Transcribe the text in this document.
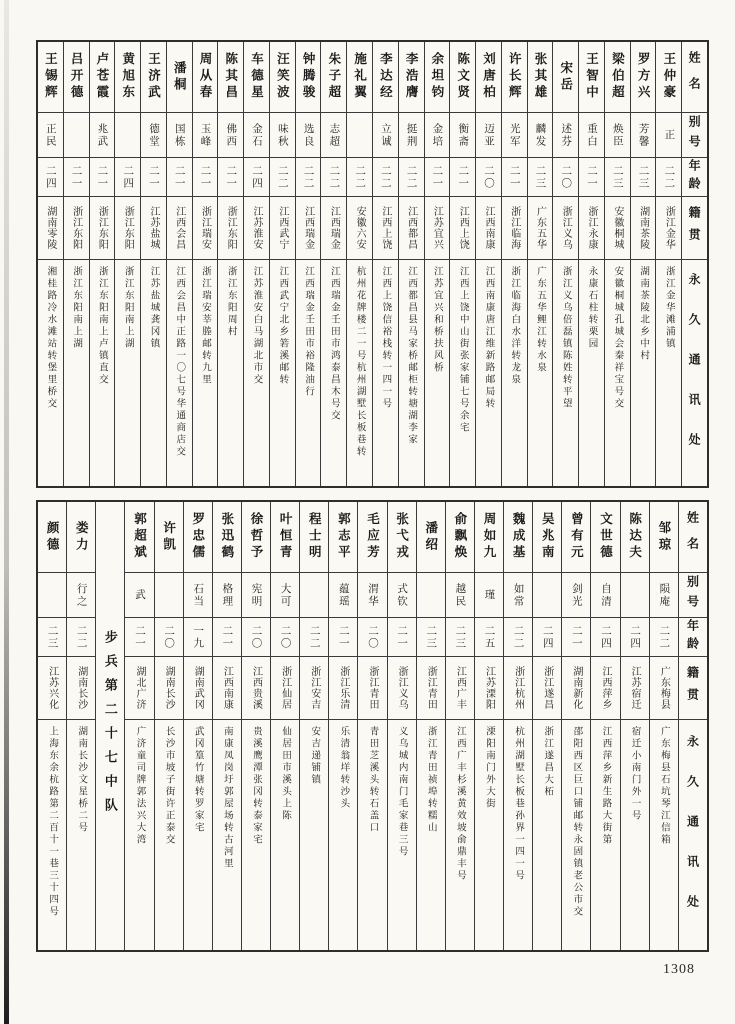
姓名
别号
年龄
籍贯
永久通讯处
王仲豪
正
二二
浙江金华
浙江金华滩浦镇
罗方兴
芳馨
二三
湖南茶陵
湖南茶陵北乡中村
梁伯超
焕臣
二三
安徽桐城
安徽桐城孔城会秦祥宝号交
王智中
重白
二一
浙江永康
永康石柱转栗园
宋岳
述芬
二〇
浙江义乌
浙江义乌倍磊镇陈姓转平望
张其雄
麟发
二三
广东五华
广东五华鲤江转水泉
许长辉
光军
二一
浙江临海
浙江临海白水洋转龙泉
刘唐柏
迈亚
二〇
江西南康
江西南康唐江维新路邮局转
陈文贤
衡斋
二一
江西上饶
江西上饶中山街张家铺七号余宅
余坦钧
金培
二一
江苏宜兴
江苏宜兴和桥扶风桥
李浩膺
挺荆
二二
江西都昌
江西都昌县马家桥邮柜转塘湖李家
李达经
立诚
二二
江西上饶
江西上饶信裕栈转一四一号
施礼翼
二二
安徽六安
杭州花牌楼二一号杭州湖墅长板巷转
朱子超
志超
二二
江西瑞金
江西瑞金壬田市鸿泰昌木号交
钟腾骏
选良
二二
江西瑞金
江西瑞金壬田市裕隆油行
汪笑波
味秋
二二
江西武宁
江西武宁北乡箬溪邮转
车德星
金石
二四
江苏淮安
江苏淮安白马湖北市交
陈其昌
佛西
二一
浙江东阳
浙江东阳周村
周从春
玉峰
二一
浙江瑞安
浙江瑞安莘塍邮转九里
潘桐
国栋
二一
江西会昌
江西会昌中正路一〇七号华通商店交
王济武
德堂
二一
江苏盐城
江苏盐城龚冈镇
黄旭东
二四
浙江东阳
浙江东阳南上湖
卢苍霞
兆武
二一
浙江东阳
浙江东阳南上卢镇直交
吕开德
二一
浙江东阳
浙江东阳南上湖
王锡辉
正民
二四
湖南零陵
湘桂路冷水滩站转堡里桥交
姓名
别号
年龄
籍贯
永久通讯处
邹琼
陨庵
二二
广东梅县
广东梅县石坑琴江信箱
陈达夫
二四
江苏宿迁
宿迁小南门外一号
文世德
自清
二四
江西萍乡
江西萍乡新生路大街第
曾有元
剑光
二一
湖南新化
邵阳西区巨口铺邮转永固镇老公市交
吴兆南
二四
浙江遂昌
浙江遂昌大柘
魏成基
如常
二二
浙江杭州
杭州湖墅长板巷孙界一四一号
周如九
瑾
二五
江苏溧阳
溧阳南门外大街
俞飘焕
越民
二三
江西广丰
江西广丰杉溪黄效坡俞鼎丰号
潘绍
二三
浙江青田
浙江青田祯埠转糯山
张弋戎
式钦
二一
浙江义乌
义乌城内南门毛家巷三号
毛应芳
渭华
二〇
浙江青田
青田芝溪头转石盖口
郭志平
蕴瑶
二一
浙江乐清
乐清翁垟转沙头
程士明
二二
浙江安吉
安吉递铺镇
叶恒青
大可
二〇
浙江仙居
仙居田市溪头上陈
徐哲予
宪明
二〇
江西贵溪
贵溪鹰潭张冈转泰家宅
张迅鹤
格理
二一
江西南康
南康凤岗圩郭屋场转古河里
罗忠儒
石当
一九
湖南武冈
武冈篁竹塘转罗家宅
许凯
二〇
湖南长沙
长沙市坡子街许正泰交
郭超斌
武
二一
湖北广济
广济童司牌郭法兴大湾
步兵第二十七中队
娄力
行之
二二
湖南长沙
湖南长沙文星桥二号
颜德
二三
江苏兴化
上海东余杭路第二百十一巷三十四号
1308
